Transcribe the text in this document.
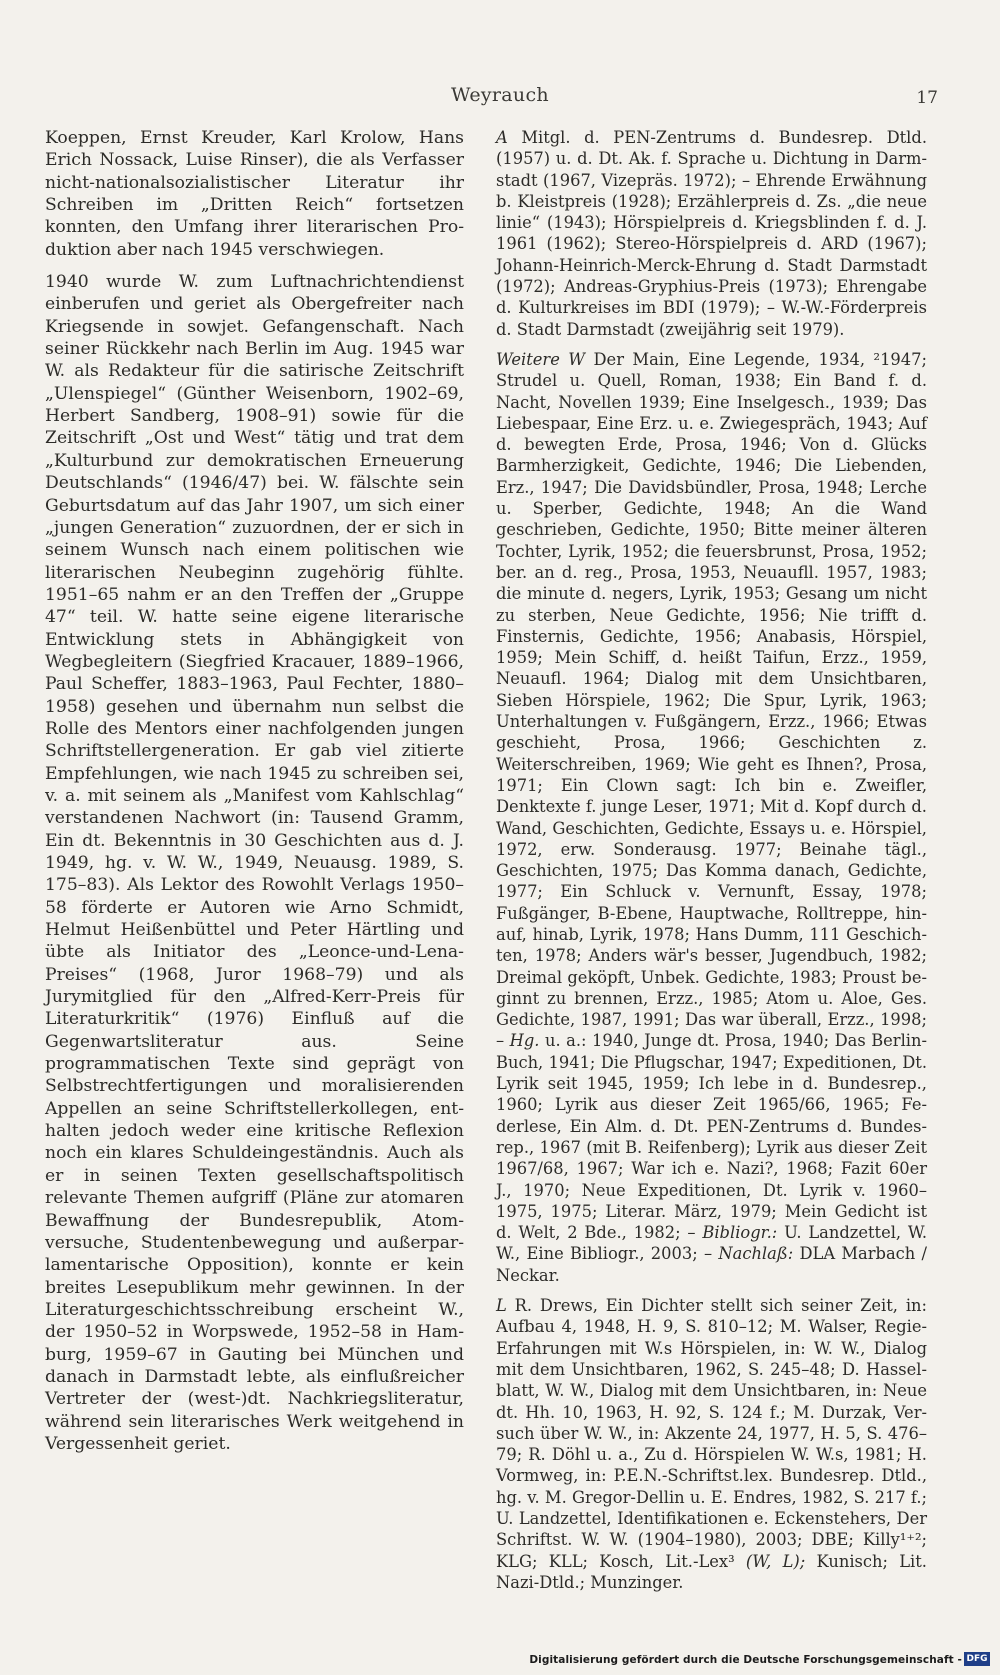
Weyrauch	17

Koeppen, Ernst Kreuder, Karl Krolow, Hans Erich Nossack, Luise Rinser), die als Verfasser nicht-nationalsozialistischer Literatur ihr Schreiben im „Dritten Reich“ fortsetzen konnten, den Umfang ihrer literarischen Produktion aber nach 1945 verschwiegen.

1940 wurde W. zum Luftnachrichtendienst einberufen und geriet als Obergefreiter nach Kriegsende in sowjet. Gefangenschaft. Nach seiner Rückkehr nach Berlin im Aug. 1945 war W. als Redakteur für die satirische Zeitschrift „Ulenspiegel“ (Günther Weisenborn, 1902–69, Herbert Sandberg, 1908–91) sowie für die Zeitschrift „Ost und West“ tätig und trat dem „Kulturbund zur demokratischen Erneuerung Deutschlands“ (1946/47) bei. W. fälschte sein Geburtsdatum auf das Jahr 1907, um sich einer „jungen Generation“ zuzuordnen, der er sich in seinem Wunsch nach einem politischen wie literarischen Neubeginn zugehörig fühlte. 1951–65 nahm er an den Treffen der „Gruppe 47“ teil. W. hatte seine eigene literarische Entwicklung stets in Abhängigkeit von Wegbegleitern (Siegfried Kracauer, 1889–1966, Paul Scheffer, 1883–1963, Paul Fechter, 1880–1958) gesehen und übernahm nun selbst die Rolle des Mentors einer nachfolgenden jungen Schriftstellergeneration. Er gab viel zitierte Empfehlungen, wie nach 1945 zu schreiben sei, v. a. mit seinem als „Manifest vom Kahlschlag“ verstandenen Nachwort (in: Tausend Gramm, Ein dt. Bekenntnis in 30 Geschichten aus d. J. 1949, hg. v. W. W., 1949, Neuausg. 1989, S. 175–83). Als Lektor des Rowohlt Verlags 1950–58 förderte er Autoren wie Arno Schmidt, Helmut Heißenbüttel und Peter Härtling und übte als Initiator des „Leonce-und-Lena-Preises“ (1968, Juror 1968–79) und als Jurymitglied für den „Alfred-Kerr-Preis für Literaturkritik“ (1976) Einfluß auf die Gegenwartsliteratur aus. Seine programmatischen Texte sind geprägt von Selbstrechtfertigungen und moralisierenden Appellen an seine Schriftstellerkollegen, enthalten jedoch weder eine kritische Reflexion noch ein klares Schuldeingeständnis. Auch als er in seinen Texten gesellschaftspolitisch relevante Themen aufgriff (Pläne zur atomaren Bewaffnung der Bundesrepublik, Atomversuche, Studentenbewegung und außerparlamentarische Opposition), konnte er kein breites Lesepublikum mehr gewinnen. In der Literaturgeschichtsschreibung erscheint W., der 1950–52 in Worpswede, 1952–58 in Hamburg, 1959–67 in Gauting bei München und danach in Darmstadt lebte, als einflußreicher Vertreter der (west-)dt. Nachkriegsliteratur, während sein literarisches Werk weitgehend in Vergessenheit geriet.

A Mitgl. d. PEN-Zentrums d. Bundesrep. Dtld. (1957) u. d. Dt. Ak. f. Sprache u. Dichtung in Darmstadt (1967, Vizepräs. 1972); – Ehrende Erwähnung b. Kleistpreis (1928); Erzählerpreis d. Zs. „die neue linie“ (1943); Hörspielpreis d. Kriegsblinden f. d. J. 1961 (1962); Stereo-Hörspielpreis d. ARD (1967); Johann-Heinrich-Merck-Ehrung d. Stadt Darmstadt (1972); Andreas-Gryphius-Preis (1973); Ehrengabe d. Kulturkreises im BDI (1979); – W.-W.-Förderpreis d. Stadt Darmstadt (zweijährig seit 1979).

Weitere W Der Main, Eine Legende, 1934, ²1947; Strudel u. Quell, Roman, 1938; Ein Band f. d. Nacht, Novellen 1939; Eine Inselgesch., 1939; Das Liebespaar, Eine Erz. u. e. Zwiegespräch, 1943; Auf d. bewegten Erde, Prosa, 1946; Von d. Glücks Barmherzigkeit, Gedichte, 1946; Die Liebenden, Erz., 1947; Die Davidsbündler, Prosa, 1948; Lerche u. Sperber, Gedichte, 1948; An die Wand geschrieben, Gedichte, 1950; Bitte meiner älteren Tochter, Lyrik, 1952; die feuersbrunst, Prosa, 1952; ber. an d. reg., Prosa, 1953, Neuaufll. 1957, 1983; die minute d. negers, Lyrik, 1953; Gesang um nicht zu sterben, Neue Gedichte, 1956; Nie trifft d. Finsternis, Gedichte, 1956; Anabasis, Hörspiel, 1959; Mein Schiff, d. heißt Taifun, Erzz., 1959, Neuaufl. 1964; Dialog mit dem Unsichtbaren, Sieben Hörspiele, 1962; Die Spur, Lyrik, 1963; Unterhaltungen v. Fußgängern, Erzz., 1966; Etwas geschieht, Prosa, 1966; Geschichten z. Weiterschreiben, 1969; Wie geht es Ihnen?, Prosa, 1971; Ein Clown sagt: Ich bin e. Zweifler, Denktexte f. junge Leser, 1971; Mit d. Kopf durch d. Wand, Geschichten, Gedichte, Essays u. e. Hörspiel, 1972, erw. Sonderausg. 1977; Beinahe tägl., Geschichten, 1975; Das Komma danach, Gedichte, 1977; Ein Schluck v. Vernunft, Essay, 1978; Fußgänger, B-Ebene, Hauptwache, Rolltreppe, hinauf, hinab, Lyrik, 1978; Hans Dumm, 111 Geschichten, 1978; Anders wär's besser, Jugendbuch, 1982; Dreimal geköpft, Unbek. Gedichte, 1983; Proust beginnt zu brennen, Erzz., 1985; Atom u. Aloe, Ges. Gedichte, 1987, 1991; Das war überall, Erzz., 1998; – Hg. u. a.: 1940, Junge dt. Prosa, 1940; Das Berlin-Buch, 1941; Die Pflugschar, 1947; Expeditionen, Dt. Lyrik seit 1945, 1959; Ich lebe in d. Bundesrep., 1960; Lyrik aus dieser Zeit 1965/66, 1965; Federlese, Ein Alm. d. Dt. PEN-Zentrums d. Bundesrep., 1967 (mit B. Reifenberg); Lyrik aus dieser Zeit 1967/68, 1967; War ich e. Nazi?, 1968; Fazit 60er J., 1970; Neue Expeditionen, Dt. Lyrik v. 1960–1975, 1975; Literar. März, 1979; Mein Gedicht ist d. Welt, 2 Bde., 1982; – Bibliogr.: U. Landzettel, W. W., Eine Bibliogr., 2003; – Nachlaß: DLA Marbach / Neckar.

L R. Drews, Ein Dichter stellt sich seiner Zeit, in: Aufbau 4, 1948, H. 9, S. 810–12; M. Walser, Regie-Erfahrungen mit W.s Hörspielen, in: W. W., Dialog mit dem Unsichtbaren, 1962, S. 245–48; D. Hasselblatt, W. W., Dialog mit dem Unsichtbaren, in: Neue dt. Hh. 10, 1963, H. 92, S. 124 f.; M. Durzak, Versuch über W. W., in: Akzente 24, 1977, H. 5, S. 476–79; R. Döhl u. a., Zu d. Hörspielen W. W.s, 1981; H. Vormweg, in: P.E.N.-Schriftst.lex. Bundesrep. Dtld., hg. v. M. Gregor-Dellin u. E. Endres, 1982, S. 217 f.; U. Landzettel, Identifikationen e. Eckenstehers, Der Schriftst. W. W. (1904–1980), 2003; DBE; Killy¹⁺²; KLG; KLL; Kosch, Lit.-Lex³ (W, L); Kunisch; Lit. Nazi-Dtld.; Munzinger.

Digitalisierung gefördert durch die Deutsche Forschungsgemeinschaft - DFG
